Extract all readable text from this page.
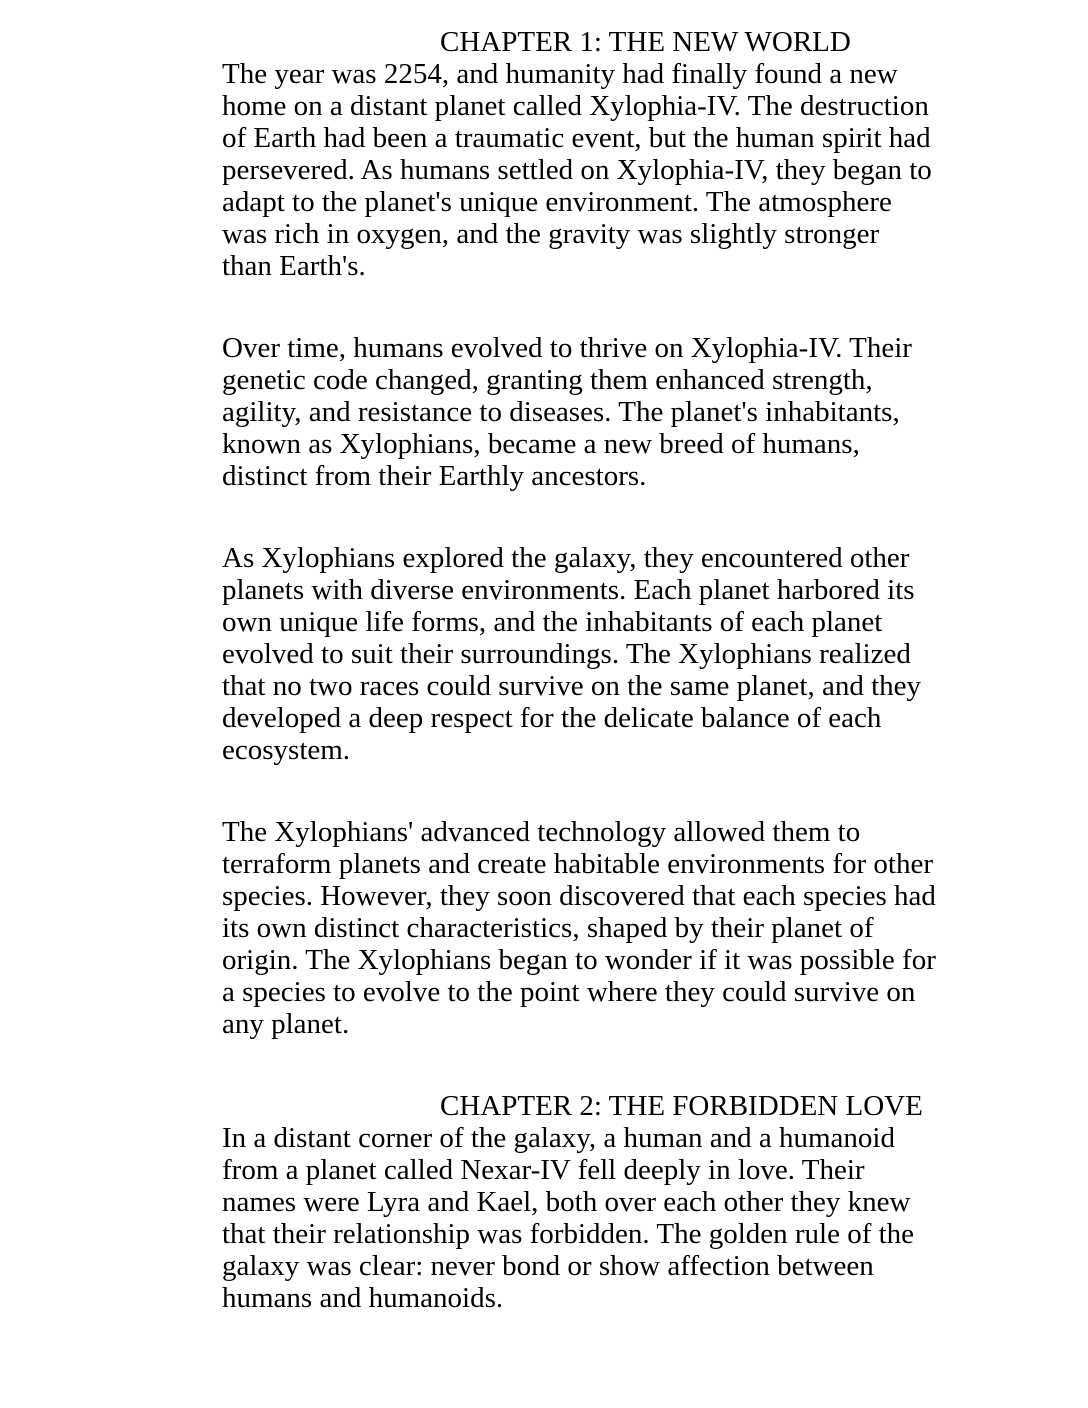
CHAPTER 1: THE NEW WORLD

The year was 2254, and humanity had finally found a new home on a distant planet called Xylophia-IV. The destruction of Earth had been a traumatic event, but the human spirit had persevered. As humans settled on Xylophia-IV, they began to adapt to the planet's unique environment. The atmosphere was rich in oxygen, and the gravity was slightly stronger than Earth's.

Over time, humans evolved to thrive on Xylophia-IV. Their genetic code changed, granting them enhanced strength, agility, and resistance to diseases. The planet's inhabitants, known as Xylophians, became a new breed of humans, distinct from their Earthly ancestors.

As Xylophians explored the galaxy, they encountered other planets with diverse environments. Each planet harbored its own unique life forms, and the inhabitants of each planet evolved to suit their surroundings. The Xylophians realized that no two races could survive on the same planet, and they developed a deep respect for the delicate balance of each ecosystem.

The Xylophians' advanced technology allowed them to terraform planets and create habitable environments for other species. However, they soon discovered that each species had its own distinct characteristics, shaped by their planet of origin. The Xylophians began to wonder if it was possible for a species to evolve to the point where they could survive on any planet.

CHAPTER 2: THE FORBIDDEN LOVE

In a distant corner of the galaxy, a human and a humanoid from a planet called Nexar-IV fell deeply in love. Their names were Lyra and Kael, both over each other they knew that their relationship was forbidden. The golden rule of the galaxy was clear: never bond or show affection between humans and humanoids.
